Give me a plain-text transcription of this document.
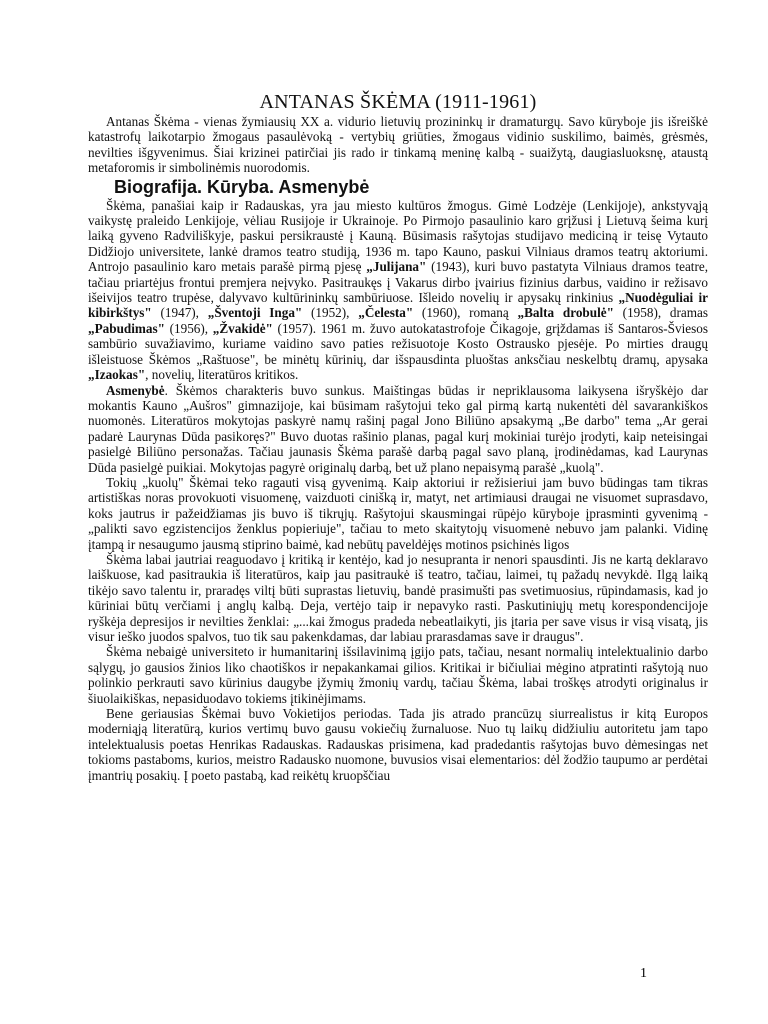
ANTANAS ŠKĖMA (1911-1961)

Antanas Škėma - vienas žymiausių XX a. vidurio lietuvių prozininkų ir dramaturgų. Savo kūryboje jis išreiškė katastrofų laikotarpio žmogaus pasaulėvoką - vertybių griūties, žmogaus vidinio suskilimo, baimės, grėsmės, nevilties išgyvenimus. Šiai krizinei patirčiai jis rado ir tinkamą meninę kalbą - suaižytą, daugiasluoksnę, ataustą metaforomis ir simbolinėmis nuorodomis.

Biografija. Kūryba. Asmenybė

Škėma, panašiai kaip ir Radauskas, yra jau miesto kultūros žmogus. Gimė Lodzėje (Lenkijoje), ankstyvąją vaikystę praleido Lenkijoje, vėliau Rusijoje ir Ukrainoje. Po Pirmojo pasaulinio karo grįžusi į Lietuvą šeima kurį laiką gyveno Radviliškyje, paskui persikraustė į Kauną. Būsimasis rašytojas studijavo mediciną ir teisę Vytauto Didžiojo universitete, lankė dramos teatro studiją, 1936 m. tapo Kauno, paskui Vilniaus dramos teatrų aktoriumi. Antrojo pasaulinio karo metais parašė pirmą pjesę „Julijana" (1943), kuri buvo pastatyta Vilniaus dramos teatre, tačiau priartėjus frontui premjera neįvyko. Pasitraukęs į Vakarus dirbo įvairius fizinius darbus, vaidino ir režisavo išeivijos teatro trupėse, dalyvavo kultūrininkų sambūriuose. Išleido novelių ir apysakų rinkinius „Nuodėguliai ir kibirkštys" (1947), „Šventoji Inga" (1952), „Čelesta" (1960), romaną „Balta drobulė" (1958), dramas „Pabudimas" (1956), „Žvakidė" (1957). 1961 m. žuvo autokatastrofoje Čikagoje, grįždamas iš Santaros-Šviesos sambūrio suvažiavimo, kuriame vaidino savo paties režisuotoje Kosto Ostrausko pjesėje. Po mirties draugų išleistuose Škėmos „Raštuose", be minėtų kūrinių, dar išspausdinta pluoštas anksčiau neskelbtų dramų, apysaka „Izaokas", novelių, literatūros kritikos.

Asmenybė. Škėmos charakteris buvo sunkus. Maištingas būdas ir nepriklausoma laikysena išryškėjo dar mokantis Kauno „Aušros" gimnazijoje, kai būsimam rašytojui teko gal pirmą kartą nukentėti dėl savarankiškos nuomonės. Literatūros mokytojas paskyrė namų rašinį pagal Jono Biliūno apsakymą „Be darbo" tema „Ar gerai padarė Laurynas Dūda pasikoręs?" Buvo duotas rašinio planas, pagal kurį mokiniai turėjo įrodyti, kaip neteisingai pasielgė Biliūno personažas. Tačiau jaunasis Škėma parašė darbą pagal savo planą, įrodinėdamas, kad Laurynas Dūda pasielgė puikiai. Mokytojas pagyrė originalų darbą, bet už plano nepaisymą parašė „kuolą".

Tokių „kuolų" Škėmai teko ragauti visą gyvenimą. Kaip aktoriui ir režisieriui jam buvo būdingas tam tikras artistiškas noras provokuoti visuomenę, vaizduoti cinišką ir, matyt, net artimiausi draugai ne visuomet suprasdavo, koks jautrus ir pažeidžiamas jis buvo iš tikrųjų. Rašytojui skausmingai rūpėjo kūryboje įprasminti gyvenimą - „palikti savo egzistencijos ženklus popieriuje", tačiau to meto skaitytojų visuomenė nebuvo jam palanki. Vidinę įtampą ir nesaugumo jausmą stiprino baimė, kad nebūtų paveldėjęs motinos psichinės ligos

Škėma labai jautriai reaguodavo į kritiką ir kentėjo, kad jo nesupranta ir nenori spausdinti. Jis ne kartą deklaravo laiškuose, kad pasitraukia iš literatūros, kaip jau pasitraukė iš teatro, tačiau, laimei, tų pažadų nevykdė. Ilgą laiką tikėjo savo talentu ir, praradęs viltį būti suprastas lietuvių, bandė prasimušti pas svetimuosius, rūpindamasis, kad jo kūriniai būtų verčiami į anglų kalbą. Deja, vertėjo taip ir nepavyko rasti. Paskutiniųjų metų korespondencijoje ryškėja depresijos ir nevilties ženklai: „...kai žmogus pradeda nebeatlaikyti, jis įtaria per save visus ir visą visatą, jis visur ieško juodos spalvos, tuo tik sau pakenkdamas, dar labiau prarasdamas save ir draugus".

Škėma nebaigė universiteto ir humanitarinį išsilavinimą įgijo pats, tačiau, nesant normalių intelektualinio darbo sąlygų, jo gausios žinios liko chaotiškos ir nepakankamai gilios. Kritikai ir bičiuliai mėgino atpratinti rašytoją nuo polinkio perkrauti savo kūrinius daugybe įžymių žmonių vardų, tačiau Škėma, labai troškęs atrodyti originalus ir šiuolaikiškas, nepasiduodavo tokiems įtikinėjimams.

Bene geriausias Škėmai buvo Vokietijos periodas. Tada jis atrado prancūzų siurrealistus ir kitą Europos moderniąją literatūrą, kurios vertimų buvo gausu vokiečių žurnaluose. Nuo tų laikų didžiuliu autoritetu jam tapo intelektualusis poetas Henrikas Radauskas. Radauskas prisimena, kad pradedantis rašytojas buvo dėmesingas net tokioms pastaboms, kurios, meistro Radausko nuomone, buvusios visai elementarios: dėl žodžio taupumo ar perdėtai įmantrių posakių. Į poeto pastabą, kad reikėtų kruopščiau

1
